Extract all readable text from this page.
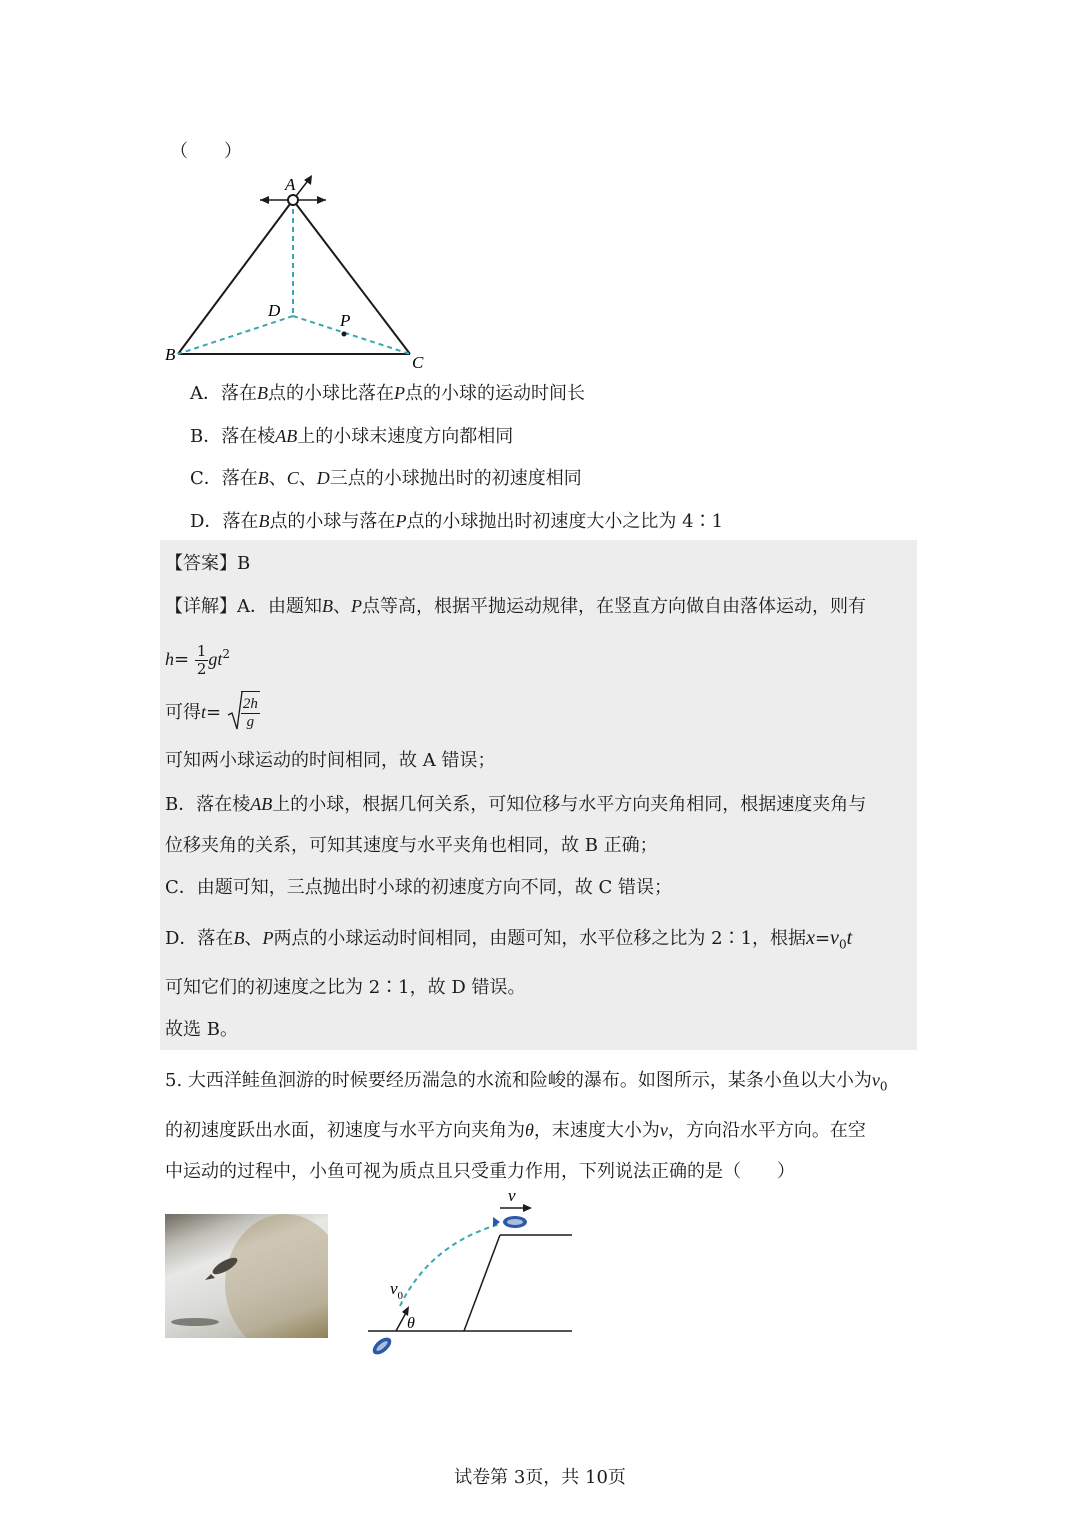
（　　）
A
B	C
D
P
A．落在B点的小球比落在P点的小球的运动时间长
B．落在棱AB上的小球末速度方向都相同
C．落在B、C、D三点的小球抛出时的初速度相同
D．落在B点的小球与落在P点的小球抛出时初速度大小之比为 4∶1
【答案】B
【详解】A．由题知B、P点等高，根据平抛运动规律，在竖直方向做自由落体运动，则有
$h= \frac{1}{2} gt^2$
可得$t= \frac{2h}{g}$
可知两小球运动的时间相同，故 A 错误；
B．落在棱AB上的小球，根据几何关系，可知位移与水平方向夹角相同，根据速度夹角与
位移夹角的关系，可知其速度与水平夹角也相同，故 B 正确；
C．由题可知，三点抛出时小球的初速度方向不同，故 C 错误；
D．落在B、P两点的小球运动时间相同，由题可知，水平位移之比为 2∶1，根据$x=v_0t$
可知它们的初速度之比为 2∶1，故 D 错误。
故选 B。
5. 大西洋鲑鱼洄游的时候要经历湍急的水流和险峻的瀑布。如图所示，某条小鱼以大小为$v_0$
的初速度跃出水面，初速度与水平方向夹角为θ，末速度大小为v，方向沿水平方向。在空
中运动的过程中，小鱼可视为质点且只受重力作用，下列说法正确的是（　　）
v
$v_0$
θ
试卷第 3页，共 10页
